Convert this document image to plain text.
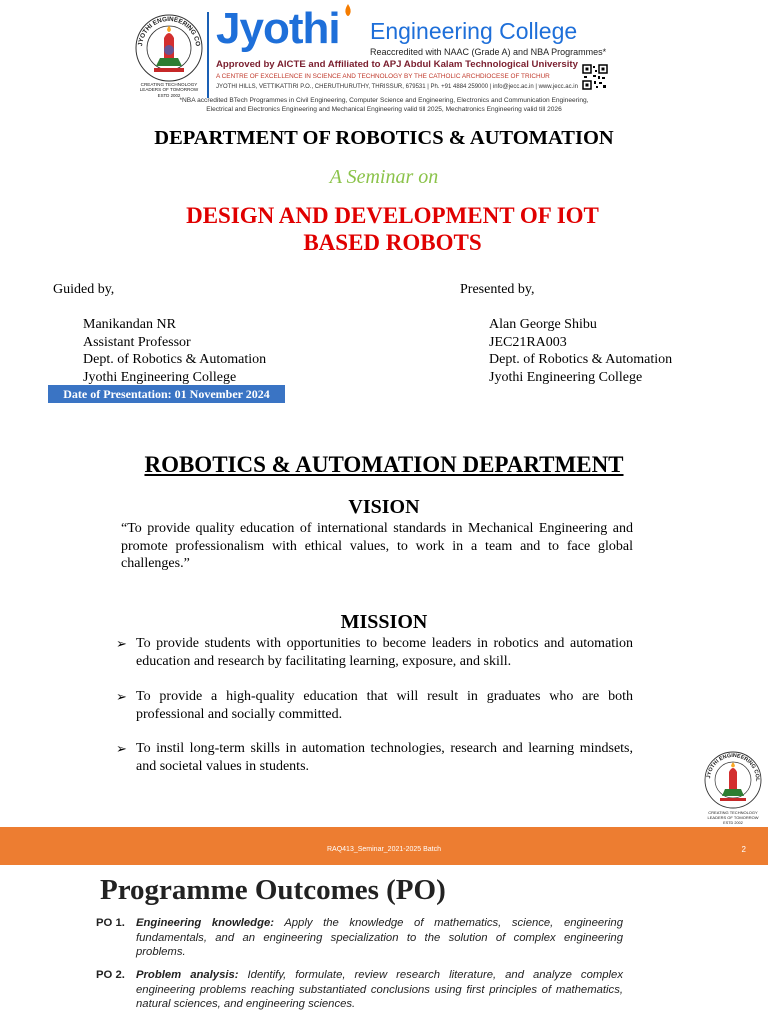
JYOTHI ENGINEERING CO
CREATING TECHNOLOGY LEADERS OF TOMORROW
ESTD 2002
Jyothi Engineering College
Reaccredited with NAAC (Grade A) and NBA Programmes*
Approved by AICTE and Affiliated to APJ Abdul Kalam Technological University
A CENTRE OF EXCELLENCE IN SCIENCE AND TECHNOLOGY BY THE CATHOLIC ARCHDIOCESE OF TRICHUR
JYOTHI HILLS, VETTIKATTIRI P.O., CHERUTHURUTHY, THRISSUR, 679531 | Ph. +91 4884 259000 | info@jecc.ac.in | www.jecc.ac.in
*NBA accredited BTech Programmes in Civil Engineering, Computer Science and Engineering, Electronics and Communication Engineering,
Electrical and Electronics Engineering and Mechanical Engineering valid till 2025, Mechatronics Engineering valid till 2026
DEPARTMENT OF ROBOTICS & AUTOMATION
A Seminar on
DESIGN AND DEVELOPMENT OF IOT
BASED ROBOTS
Guided by,	Presented by,
Manikandan NR
Assistant Professor
Dept. of Robotics & Automation
Jyothi Engineering College
Alan George Shibu
JEC21RA003
Dept. of Robotics & Automation
Jyothi Engineering College
Date of Presentation: 01 November 2024
ROBOTICS & AUTOMATION DEPARTMENT
VISION
“To provide quality education of international standards in Mechanical Engineering and promote professionalism with ethical values, to work in a team and to face global challenges.”
MISSION
➢ To provide students with opportunities to become leaders in robotics and automation education and research by facilitating learning, exposure, and skill.
➢ To provide a high-quality education that will result in graduates who are both professional and socially committed.
➢ To instil long-term skills in automation technologies, research and learning mindsets, and societal values in students.
JYOTHI ENGINEERING COL
CREATING TECHNOLOGY LEADERS OF TOMORROW
ESTD 2002
RAQ413_Seminar_2021-2025 Batch	2
Programme Outcomes (PO)
PO 1. Engineering knowledge: Apply the knowledge of mathematics, science, engineering fundamentals, and an engineering specialization to the solution of complex engineering problems.
PO 2. Problem analysis: Identify, formulate, review research literature, and analyze complex engineering problems reaching substantiated conclusions using first principles of mathematics, natural sciences, and engineering sciences.
